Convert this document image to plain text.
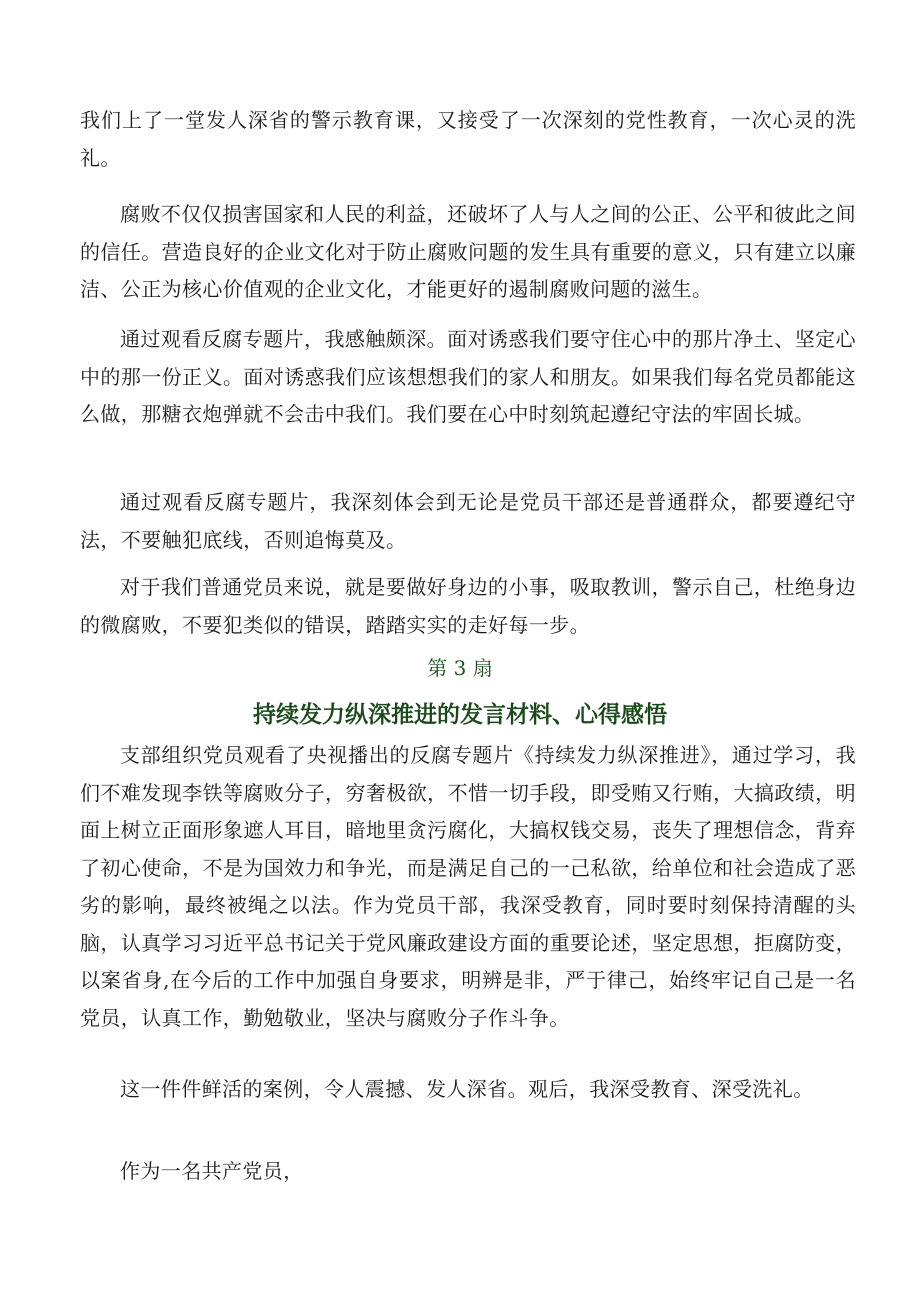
我们上了一堂发人深省的警示教育课，又接受了一次深刻的党性教育，一次心灵的洗礼。

腐败不仅仅损害国家和人民的利益，还破坏了人与人之间的公正、公平和彼此之间的信任。营造良好的企业文化对于防止腐败问题的发生具有重要的意义，只有建立以廉洁、公正为核心价值观的企业文化，才能更好的遏制腐败问题的滋生。

通过观看反腐专题片，我感触颇深。面对诱惑我们要守住心中的那片净土、坚定心中的那一份正义。面对诱惑我们应该想想我们的家人和朋友。如果我们每名党员都能这么做，那糖衣炮弹就不会击中我们。我们要在心中时刻筑起遵纪守法的牢固长城。

通过观看反腐专题片，我深刻体会到无论是党员干部还是普通群众，都要遵纪守法，不要触犯底线，否则追悔莫及。

对于我们普通党员来说，就是要做好身边的小事，吸取教训，警示自己，杜绝身边的微腐败，不要犯类似的错误，踏踏实实的走好每一步。

第 3 扇

持续发力纵深推进的发言材料、心得感悟

支部组织党员观看了央视播出的反腐专题片《持续发力纵深推进》，通过学习，我们不难发现李铁等腐败分子，穷奢极欲，不惜一切手段，即受贿又行贿，大搞政绩，明面上树立正面形象遮人耳目，暗地里贪污腐化，大搞权钱交易，丧失了理想信念，背弃了初心使命，不是为国效力和争光，而是满足自己的一己私欲，给单位和社会造成了恶劣的影响，最终被绳之以法。作为党员干部，我深受教育，同时要时刻保持清醒的头脑，认真学习习近平总书记关于党风廉政建设方面的重要论述，坚定思想，拒腐防变，以案省身,在今后的工作中加强自身要求，明辨是非，严于律己，始终牢记自己是一名党员，认真工作，勤勉敬业，坚决与腐败分子作斗争。

这一件件鲜活的案例，令人震撼、发人深省。观后，我深受教育、深受洗礼。

作为一名共产党员，
